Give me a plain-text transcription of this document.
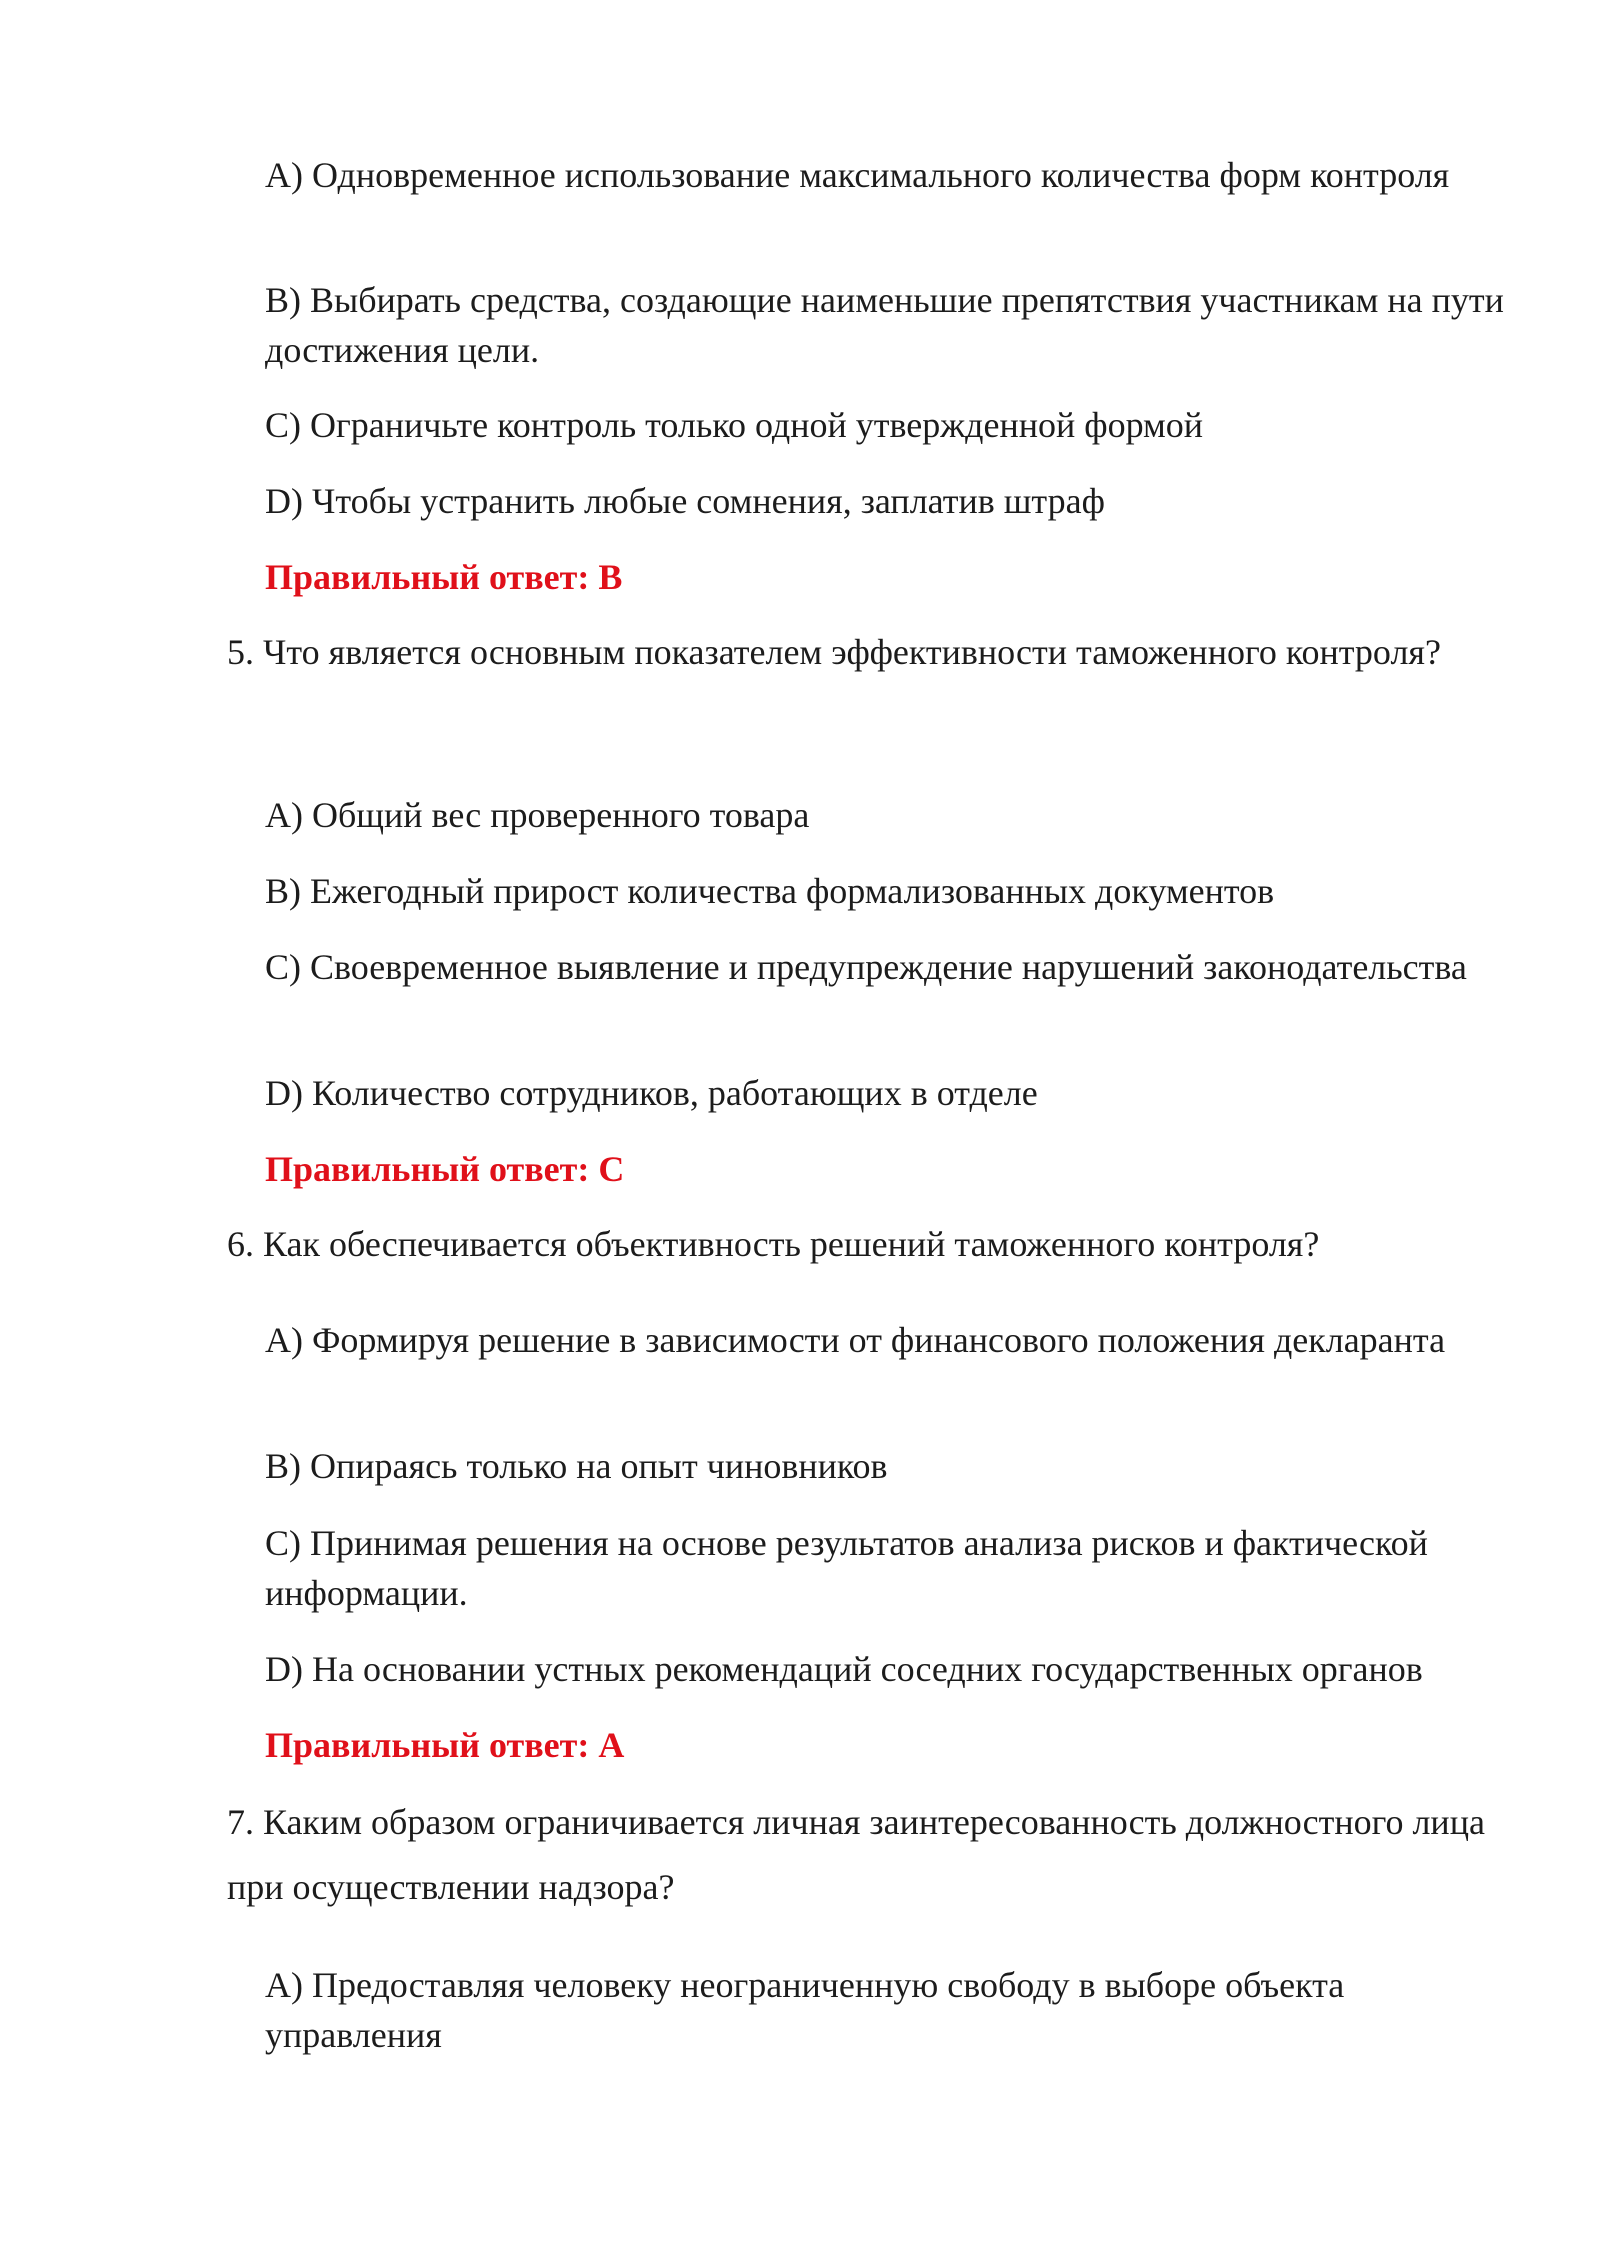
A) Одновременное использование максимального количества форм контроля

B) Выбирать средства, создающие наименьшие препятствия участникам на пути достижения цели.

C) Ограничьте контроль только одной утвержденной формой

D) Чтобы устранить любые сомнения, заплатив штраф

Правильный ответ: B

5. Что является основным показателем эффективности таможенного контроля?

A) Общий вес проверенного товара

B) Ежегодный прирост количества формализованных документов

C) Своевременное выявление и предупреждение нарушений законодательства

D) Количество сотрудников, работающих в отделе

Правильный ответ: C

6. Как обеспечивается объективность решений таможенного контроля?

A) Формируя решение в зависимости от финансового положения декларанта

B) Опираясь только на опыт чиновников

C) Принимая решения на основе результатов анализа рисков и фактической информации.

D) На основании устных рекомендаций соседних государственных органов

Правильный ответ: A

7. Каким образом ограничивается личная заинтересованность должностного лица при осуществлении надзора?

A) Предоставляя человеку неограниченную свободу в выборе объекта управления
